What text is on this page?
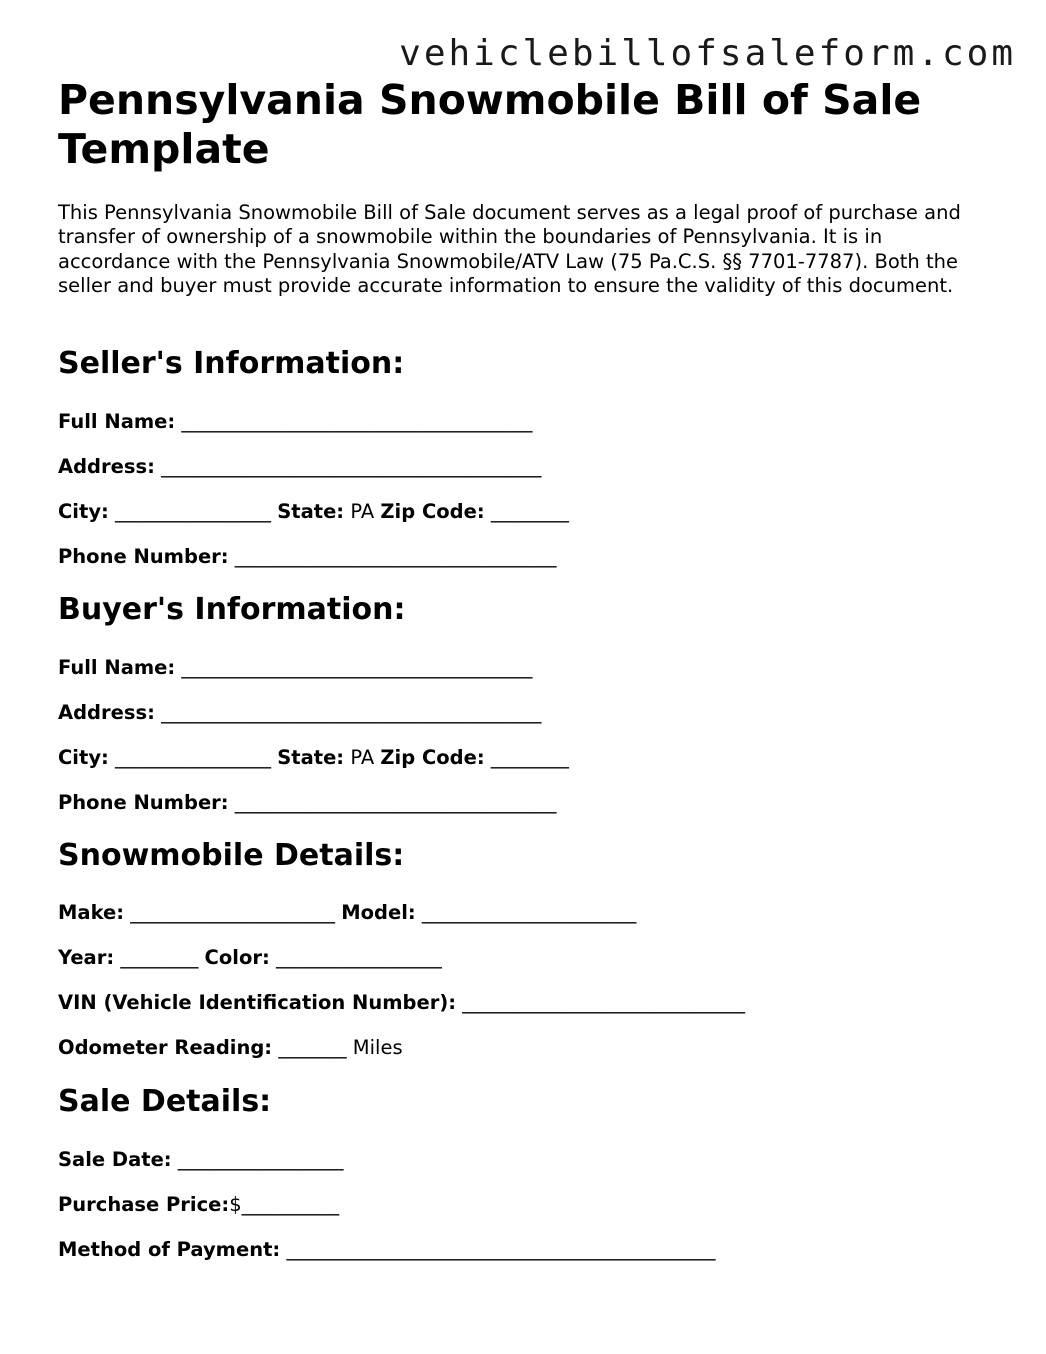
vehiclebillofsaleform.com
Pennsylvania Snowmobile Bill of Sale Template

This Pennsylvania Snowmobile Bill of Sale document serves as a legal proof of purchase and transfer of ownership of a snowmobile within the boundaries of Pennsylvania. It is in accordance with the Pennsylvania Snowmobile/ATV Law (75 Pa.C.S. §§ 7701-7787). Both the seller and buyer must provide accurate information to ensure the validity of this document.

Seller's Information:
Full Name: ____________________________________
Address: _______________________________________
City: ________________ State: PA Zip Code: ________
Phone Number: _________________________________
Buyer's Information:
Full Name: ____________________________________
Address: _______________________________________
City: ________________ State: PA Zip Code: ________
Phone Number: _________________________________
Snowmobile Details:
Make: _____________________ Model: ______________________
Year: ________ Color: _________________
VIN (Vehicle Identification Number): _____________________________
Odometer Reading: _______ Miles
Sale Details:
Sale Date: _________________
Purchase Price:$__________
Method of Payment: ____________________________________________
